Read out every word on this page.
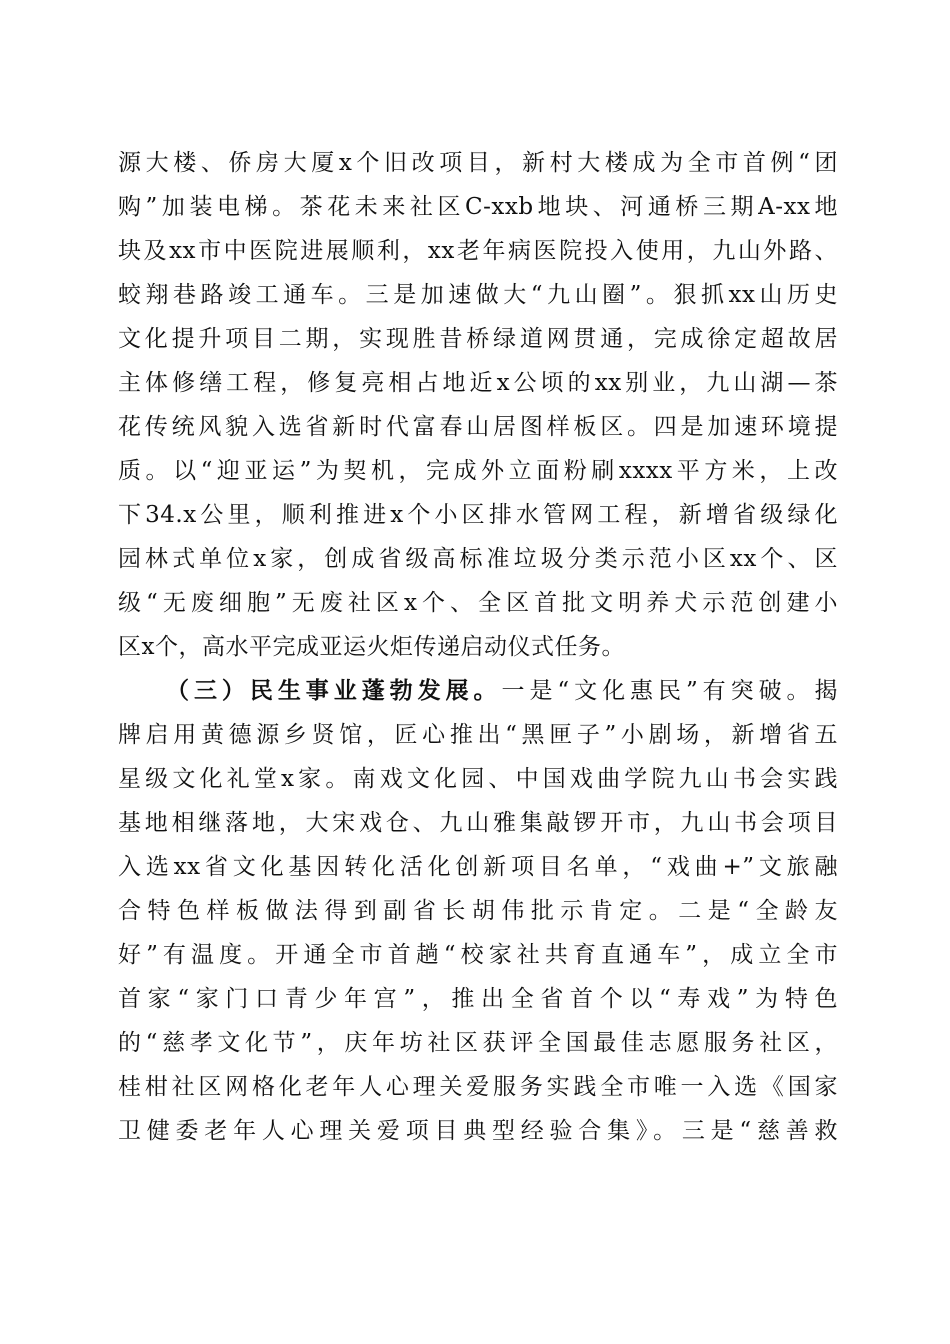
源大楼、侨房大厦x个旧改项目，新村大楼成为全市首例“团
购”加装电梯。茶花未来社区C-xxb地块、河通桥三期A-xx地
块及xx市中医院进展顺利，xx老年病医院投入使用，九山外路、
蛟翔巷路竣工通车。三是加速做大“九山圈”。狠抓xx山历史
文化提升项目二期，实现胜昔桥绿道网贯通，完成徐定超故居
主体修缮工程，修复亮相占地近x公顷的xx别业，九山湖—茶
花传统风貌入选省新时代富春山居图样板区。四是加速环境提
质。以“迎亚运”为契机，完成外立面粉刷xxxx平方米，上改
下34.x公里，顺利推进x个小区排水管网工程，新增省级绿化
园林式单位x家，创成省级高标准垃圾分类示范小区xx个、区
级“无废细胞”无废社区x个、全区首批文明养犬示范创建小
区x个，高水平完成亚运火炬传递启动仪式任务。
（三）民生事业蓬勃发展。一是“文化惠民”有突破。揭
牌启用黄德源乡贤馆，匠心推出“黑匣子”小剧场，新增省五
星级文化礼堂x家。南戏文化园、中国戏曲学院九山书会实践
基地相继落地，大宋戏仓、九山雅集敲锣开市，九山书会项目
入选xx省文化基因转化活化创新项目名单，“戏曲+”文旅融
合特色样板做法得到副省长胡伟批示肯定。二是“全龄友
好”有温度。开通全市首趟“校家社共育直通车”，成立全市
首家“家门口青少年宫”，推出全省首个以“寿戏”为特色
的“慈孝文化节”，庆年坊社区获评全国最佳志愿服务社区，
桂柑社区网格化老年人心理关爱服务实践全市唯一入选《国家
卫健委老年人心理关爱项目典型经验合集》。三是“慈善救
